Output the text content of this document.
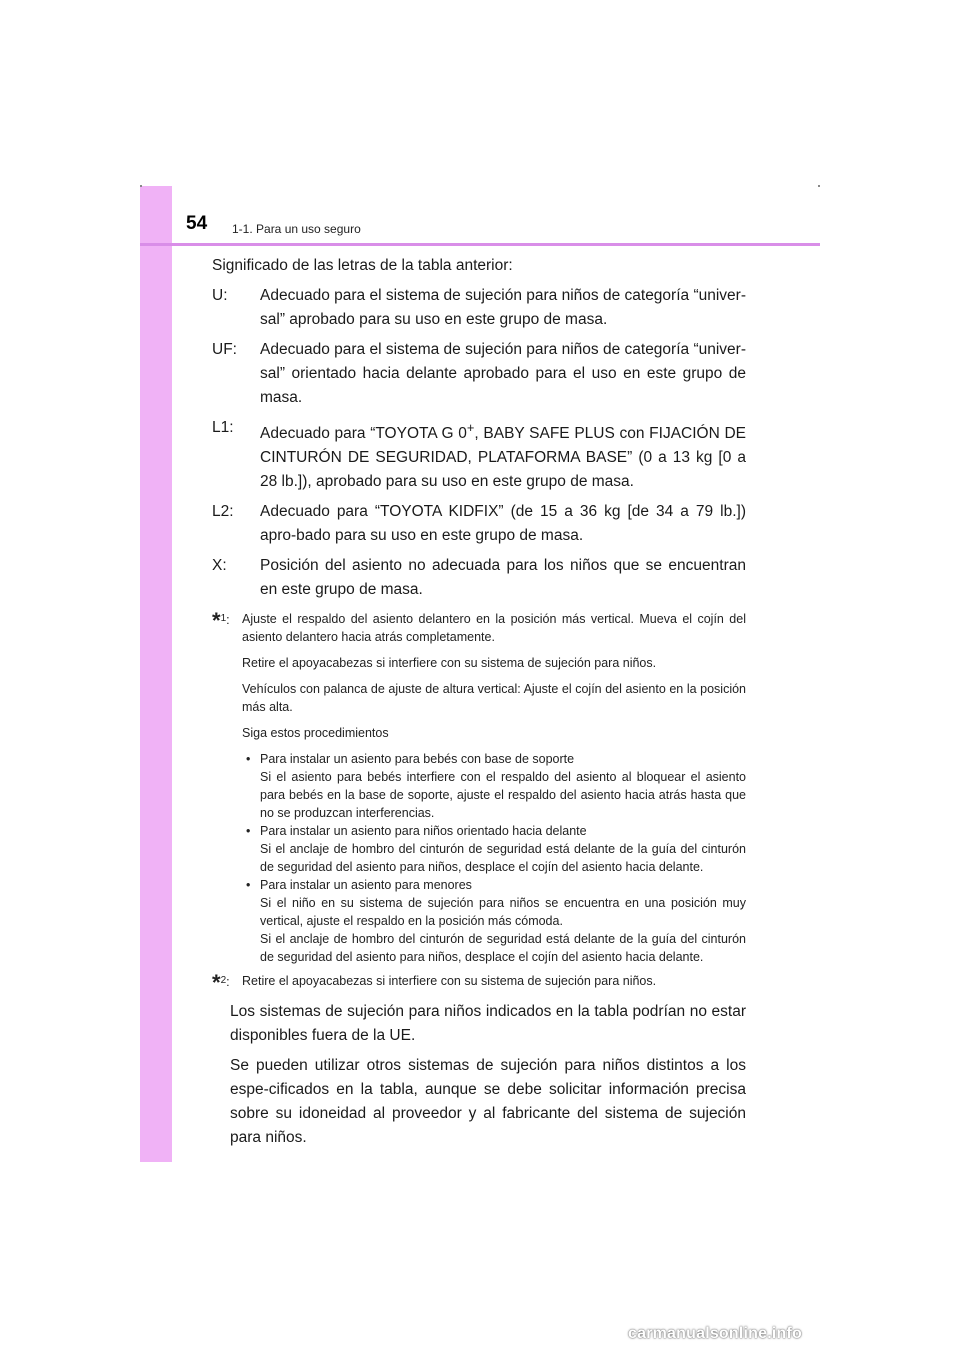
54 1-1. Para un uso seguro

Significado de las letras de la tabla anterior:

U:	Adecuado para el sistema de sujeción para niños de categoría “univer-sal” aprobado para su uso en este grupo de masa.
UF:	Adecuado para el sistema de sujeción para niños de categoría “univer-sal” orientado hacia delante aprobado para el uso en este grupo de masa.
L1:	Adecuado para “TOYOTA G 0+, BABY SAFE PLUS con FIJACIÓN DE CINTURÓN DE SEGURIDAD, PLATAFORMA BASE” (0 a 13 kg [0 a 28 lb.]), aprobado para su uso en este grupo de masa.
L2:	Adecuado para “TOYOTA KIDFIX” (de 15 a 36 kg [de 34 a 79 lb.]) apro-bado para su uso en este grupo de masa.
X:	Posición del asiento no adecuada para los niños que se encuentran en este grupo de masa.
*$^1$: Ajuste el respaldo del asiento delantero en la posición más vertical. Mueva el cojín del asiento delantero hacia atrás completamente.

Retire el apoyacabezas si interfiere con su sistema de sujeción para niños.

Vehículos con palanca de ajuste de altura vertical: Ajuste el cojín del asiento en la posición más alta.

Siga estos procedimientos

• Para instalar un asiento para bebés con base de soporte
Si el asiento para bebés interfiere con el respaldo del asiento al bloquear el asiento para bebés en la base de soporte, ajuste el respaldo del asiento hacia atrás hasta que no se produzcan interferencias.
• Para instalar un asiento para niños orientado hacia delante
Si el anclaje de hombro del cinturón de seguridad está delante de la guía del cinturón de seguridad del asiento para niños, desplace el cojín del asiento hacia delante.
• Para instalar un asiento para menores
Si el niño en su sistema de sujeción para niños se encuentra en una posición muy vertical, ajuste el respaldo en la posición más cómoda.
Si el anclaje de hombro del cinturón de seguridad está delante de la guía del cinturón de seguridad del asiento para niños, desplace el cojín del asiento hacia delante.
*$^2$: Retire el apoyacabezas si interfiere con su sistema de sujeción para niños.

Los sistemas de sujeción para niños indicados en la tabla podrían no estar disponibles fuera de la UE.

Se pueden utilizar otros sistemas de sujeción para niños distintos a los espe-cificados en la tabla, aunque se debe solicitar información precisa sobre su idoneidad al proveedor y al fabricante del sistema de sujeción para niños.

carmanualsonline.info
